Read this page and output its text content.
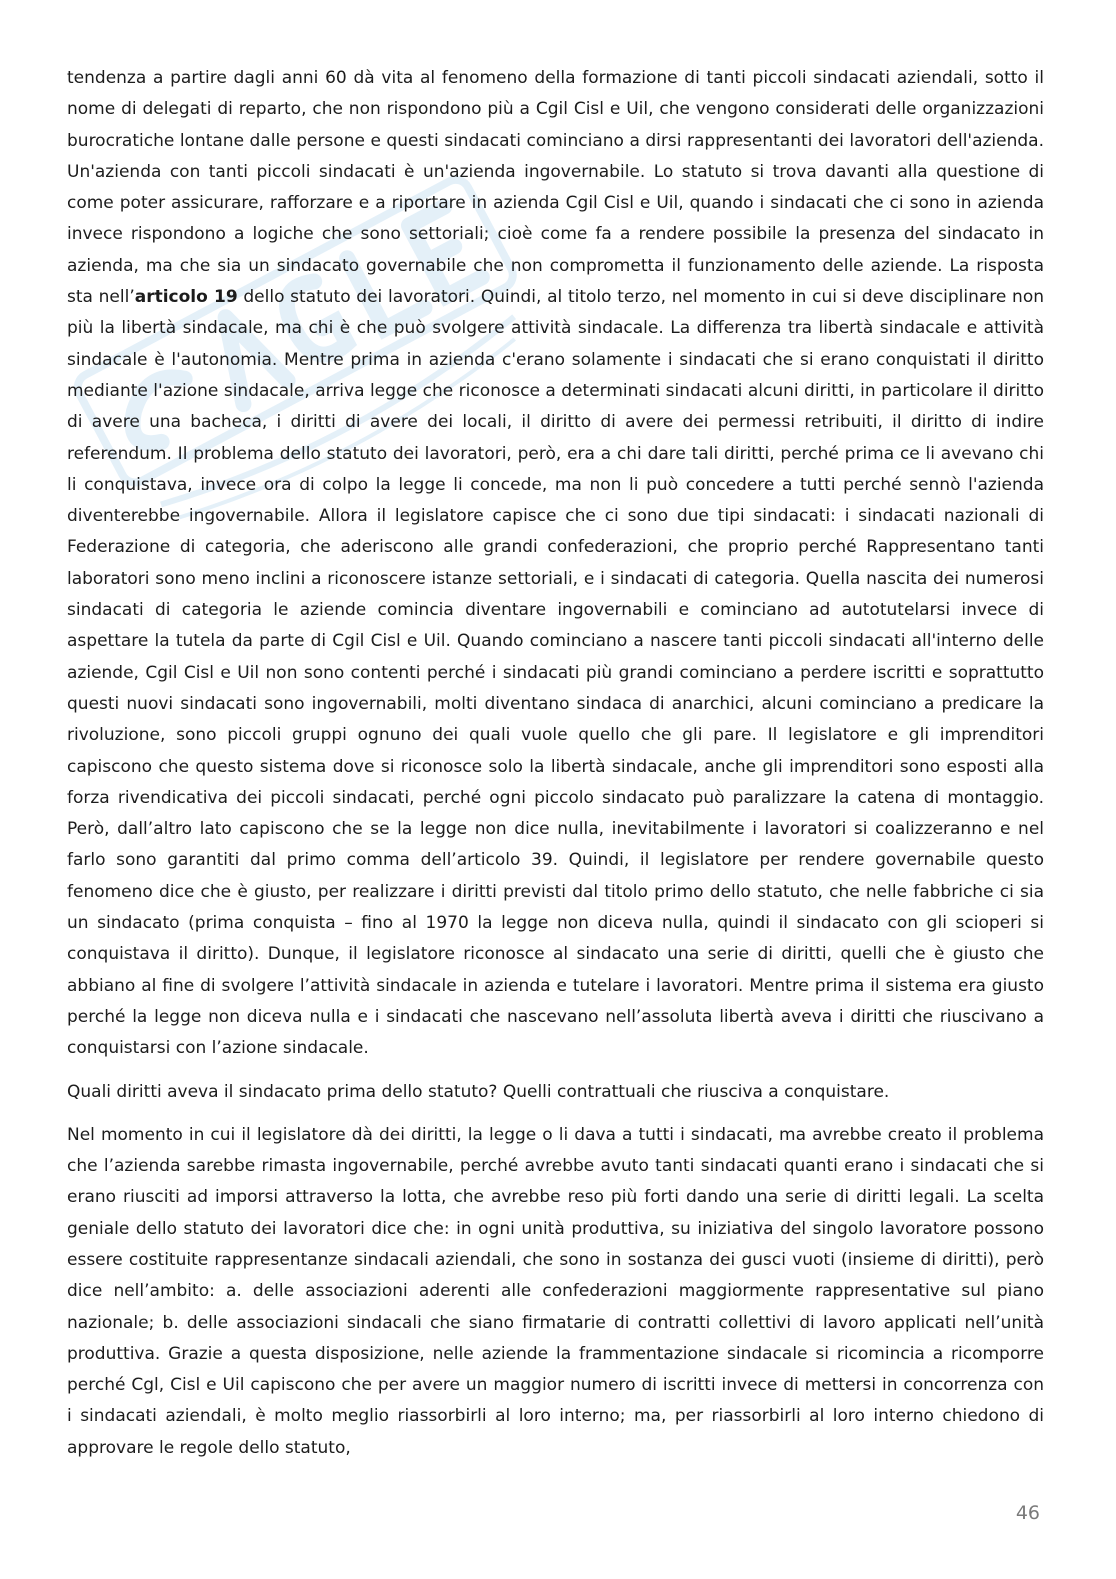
tendenza a partire dagli anni 60 dà vita al fenomeno della formazione di tanti piccoli sindacati aziendali, sotto il nome di delegati di reparto, che non rispondono più a Cgil Cisl e Uil, che vengono considerati delle organizzazioni burocratiche lontane dalle persone e questi sindacati cominciano a dirsi rappresentanti dei lavoratori dell'azienda. Un'azienda con tanti piccoli sindacati è un'azienda ingovernabile. Lo statuto si trova davanti alla questione di come poter assicurare, rafforzare e a riportare in azienda Cgil Cisl e Uil, quando i sindacati che ci sono in azienda invece rispondono a logiche che sono settoriali; cioè come fa a rendere possibile la presenza del sindacato in azienda, ma che sia un sindacato governabile che non comprometta il funzionamento delle aziende. La risposta sta nell’articolo 19 dello statuto dei lavoratori. Quindi, al titolo terzo, nel momento in cui si deve disciplinare non più la libertà sindacale, ma chi è che può svolgere attività sindacale. La differenza tra libertà sindacale e attività sindacale è l'autonomia. Mentre prima in azienda c'erano solamente i sindacati che si erano conquistati il diritto mediante l'azione sindacale, arriva legge che riconosce a determinati sindacati alcuni diritti, in particolare il diritto di avere una bacheca, i diritti di avere dei locali, il diritto di avere dei permessi retribuiti, il diritto di indire referendum. Il problema dello statuto dei lavoratori, però, era a chi dare tali diritti, perché prima ce li avevano chi li conquistava, invece ora di colpo la legge li concede, ma non li può concedere a tutti perché sennò l'azienda diventerebbe ingovernabile. Allora il legislatore capisce che ci sono due tipi sindacati: i sindacati nazionali di Federazione di categoria, che aderiscono alle grandi confederazioni, che proprio perché Rappresentano tanti laboratori sono meno inclini a riconoscere istanze settoriali, e i sindacati di categoria. Quella nascita dei numerosi sindacati di categoria le aziende comincia diventare ingovernabili e cominciano ad autotutelarsi invece di aspettare la tutela da parte di Cgil Cisl e Uil. Quando cominciano a nascere tanti piccoli sindacati all'interno delle aziende, Cgil Cisl e Uil non sono contenti perché i sindacati più grandi cominciano a perdere iscritti e soprattutto questi nuovi sindacati sono ingovernabili, molti diventano sindaca di anarchici, alcuni cominciano a predicare la rivoluzione, sono piccoli gruppi ognuno dei quali vuole quello che gli pare. Il legislatore e gli imprenditori capiscono che questo sistema dove si riconosce solo la libertà sindacale, anche gli imprenditori sono esposti alla forza rivendicativa dei piccoli sindacati, perché ogni piccolo sindacato può paralizzare la catena di montaggio. Però, dall’altro lato capiscono che se la legge non dice nulla, inevitabilmente i lavoratori si coalizzeranno e nel farlo sono garantiti dal primo comma dell’articolo 39. Quindi, il legislatore per rendere governabile questo fenomeno dice che è giusto, per realizzare i diritti previsti dal titolo primo dello statuto, che nelle fabbriche ci sia un sindacato (prima conquista – fino al 1970 la legge non diceva nulla, quindi il sindacato con gli scioperi si conquistava il diritto). Dunque, il legislatore riconosce al sindacato una serie di diritti, quelli che è giusto che abbiano al fine di svolgere l’attività sindacale in azienda e tutelare i lavoratori. Mentre prima il sistema era giusto perché la legge non diceva nulla e i sindacati che nascevano nell’assoluta libertà aveva i diritti che riuscivano a conquistarsi con l’azione sindacale.

Quali diritti aveva il sindacato prima dello statuto? Quelli contrattuali che riusciva a conquistare.

Nel momento in cui il legislatore dà dei diritti, la legge o li dava a tutti i sindacati, ma avrebbe creato il problema che l’azienda sarebbe rimasta ingovernabile, perché avrebbe avuto tanti sindacati quanti erano i sindacati che si erano riusciti ad imporsi attraverso la lotta, che avrebbe reso più forti dando una serie di diritti legali. La scelta geniale dello statuto dei lavoratori dice che: in ogni unità produttiva, su iniziativa del singolo lavoratore possono essere costituite rappresentanze sindacali aziendali, che sono in sostanza dei gusci vuoti (insieme di diritti), però dice nell’ambito: a. delle associazioni aderenti alle confederazioni maggiormente rappresentative sul piano nazionale; b. delle associazioni sindacali che siano firmatarie di contratti collettivi di lavoro applicati nell’unità produttiva. Grazie a questa disposizione, nelle aziende la frammentazione sindacale si ricomincia a ricomporre perché Cgl, Cisl e Uil capiscono che per avere un maggior numero di iscritti invece di mettersi in concorrenza con i sindacati aziendali, è molto meglio riassorbirli al loro interno; ma, per riassorbirli al loro interno chiedono di approvare le regole dello statuto,

46
